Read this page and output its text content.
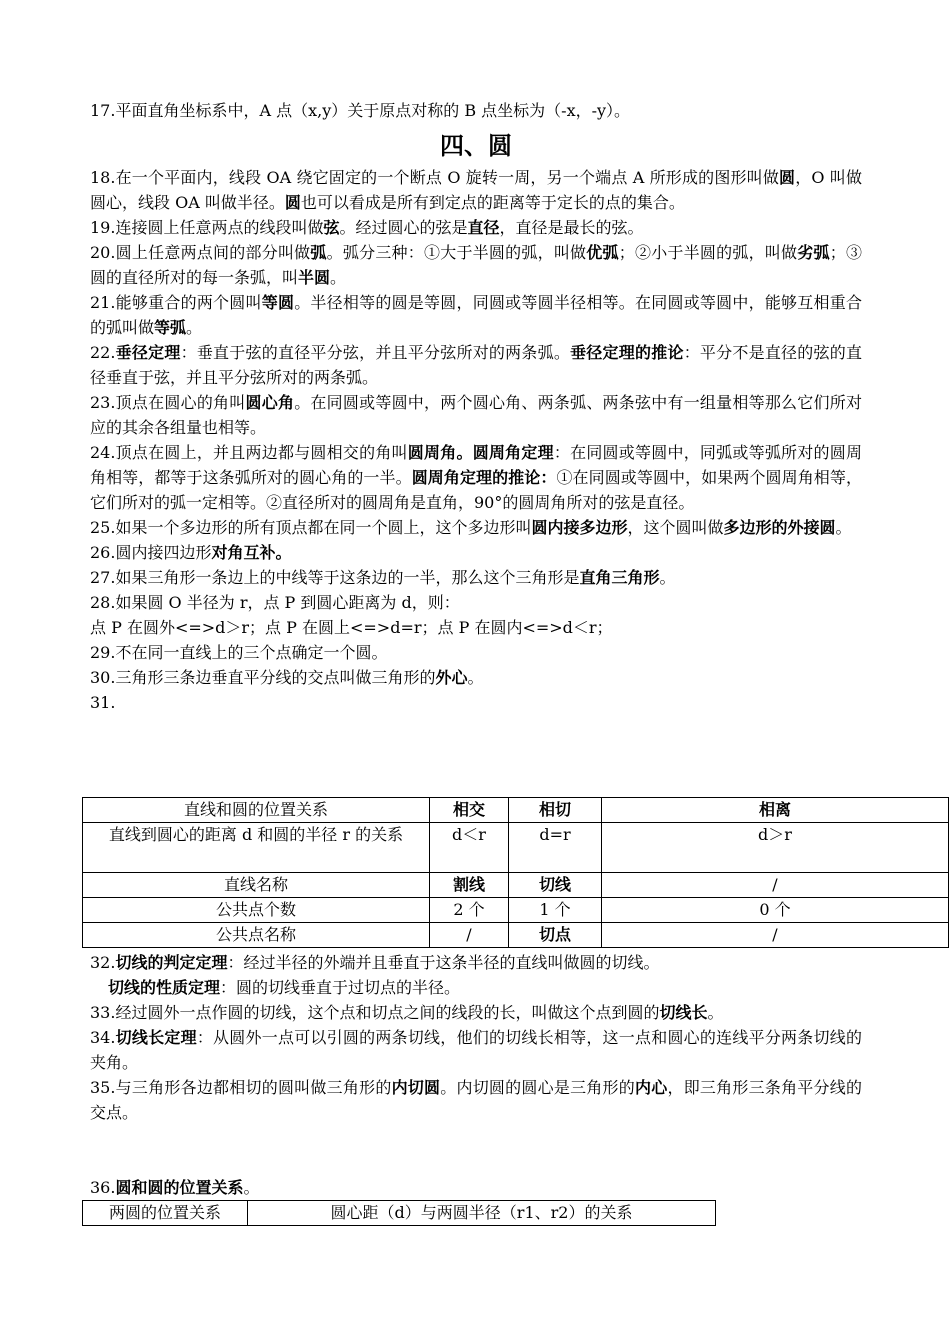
17.平面直角坐标系中，A 点（x,y）关于原点对称的 B 点坐标为（-x，-y）。

四、圆

18.在一个平面内，线段 OA 绕它固定的一个断点 O 旋转一周，另一个端点 A 所形成的图形叫做圆，O 叫做圆心，线段 OA 叫做半径。圆也可以看成是所有到定点的距离等于定长的点的集合。

19.连接圆上任意两点的线段叫做弦。经过圆心的弦是直径，直径是最长的弦。

20.圆上任意两点间的部分叫做弧。弧分三种：①大于半圆的弧，叫做优弧；②小于半圆的弧，叫做劣弧；③圆的直径所对的每一条弧，叫半圆。

21.能够重合的两个圆叫等圆。半径相等的圆是等圆，同圆或等圆半径相等。在同圆或等圆中，能够互相重合的弧叫做等弧。

22.垂径定理：垂直于弦的直径平分弦，并且平分弦所对的两条弧。垂径定理的推论：平分不是直径的弦的直径垂直于弦，并且平分弦所对的两条弧。

23.顶点在圆心的角叫圆心角。在同圆或等圆中，两个圆心角、两条弧、两条弦中有一组量相等那么它们所对应的其余各组量也相等。

24.顶点在圆上，并且两边都与圆相交的角叫圆周角。圆周角定理：在同圆或等圆中，同弧或等弧所对的圆周角相等，都等于这条弧所对的圆心角的一半。圆周角定理的推论：①在同圆或等圆中，如果两个圆周角相等，它们所对的弧一定相等。②直径所对的圆周角是直角，90°的圆周角所对的弦是直径。

25.如果一个多边形的所有顶点都在同一个圆上，这个多边形叫圆内接多边形，这个圆叫做多边形的外接圆。

26.圆内接四边形对角互补。

27.如果三角形一条边上的中线等于这条边的一半，那么这个三角形是直角三角形。

28.如果圆 O 半径为 r，点 P 到圆心距离为 d，则：

点 P 在圆外<=>d＞r；点 P 在圆上<=>d=r；点 P 在圆内<=>d＜r；

29.不在同一直线上的三个点确定一个圆。

30.三角形三条边垂直平分线的交点叫做三角形的外心。

31.

直线和圆的位置关系	相交	相切	相离
直线到圆心的距离 d 和圆的半径 r 的关系	d＜r	d=r	d＞r
直线名称	割线	切线	/
公共点个数	2 个	1 个	0 个
公共点名称	/	切点	/

32.切线的判定定理：经过半径的外端并且垂直于这条半径的直线叫做圆的切线。

切线的性质定理：圆的切线垂直于过切点的半径。

33.经过圆外一点作圆的切线，这个点和切点之间的线段的长，叫做这个点到圆的切线长。

34.切线长定理：从圆外一点可以引圆的两条切线，他们的切线长相等，这一点和圆心的连线平分两条切线的夹角。

35.与三角形各边都相切的圆叫做三角形的内切圆。内切圆的圆心是三角形的内心，即三角形三条角平分线的交点。

36.圆和圆的位置关系。

两圆的位置关系	圆心距（d）与两圆半径（r1、r2）的关系
